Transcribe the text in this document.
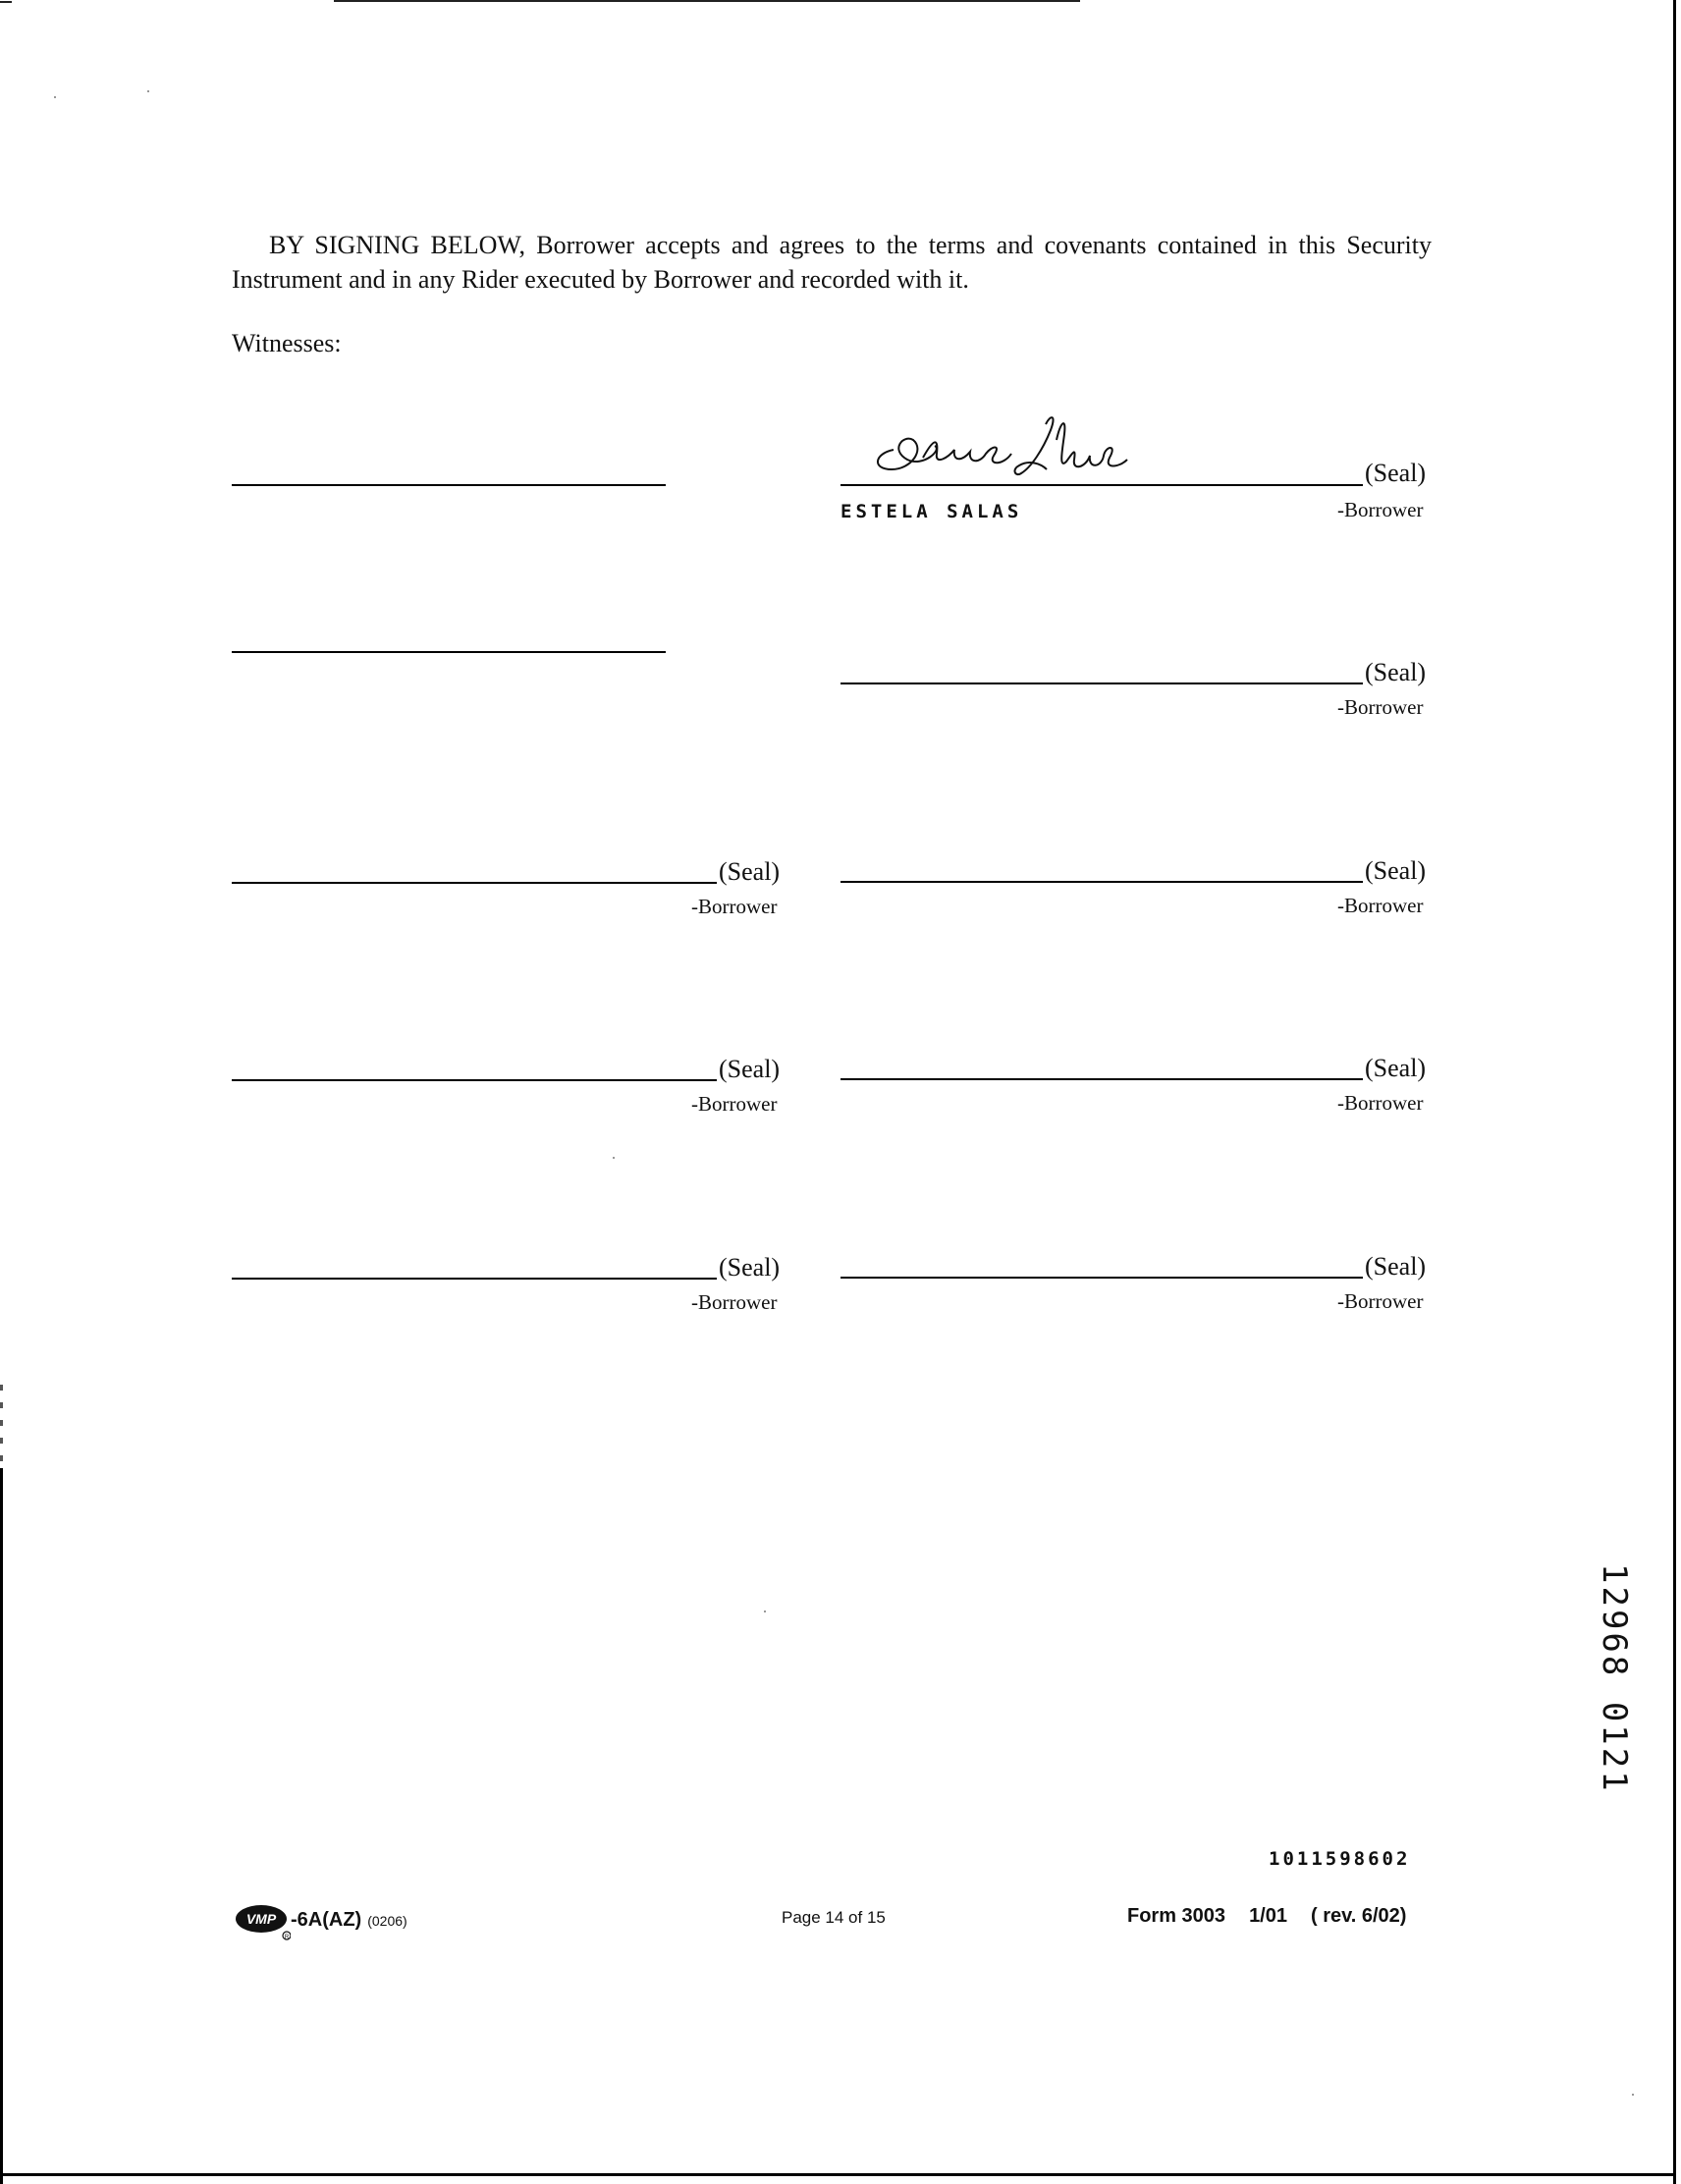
BY SIGNING BELOW, Borrower accepts and agrees to the terms and covenants contained in this Security Instrument and in any Rider executed by Borrower and recorded with it.
Witnesses:
(Seal)
ESTELA SALAS	-Borrower
(Seal)
-Borrower
(Seal)
-Borrower
(Seal)
-Borrower
(Seal)
-Borrower
(Seal)
-Borrower
(Seal)
-Borrower
(Seal)
-Borrower
12968 0121
1011598602
VMP
R
-6A(AZ) (0206)	Page 14 of 15	Form 3003 1/01 ( rev. 6/02)
